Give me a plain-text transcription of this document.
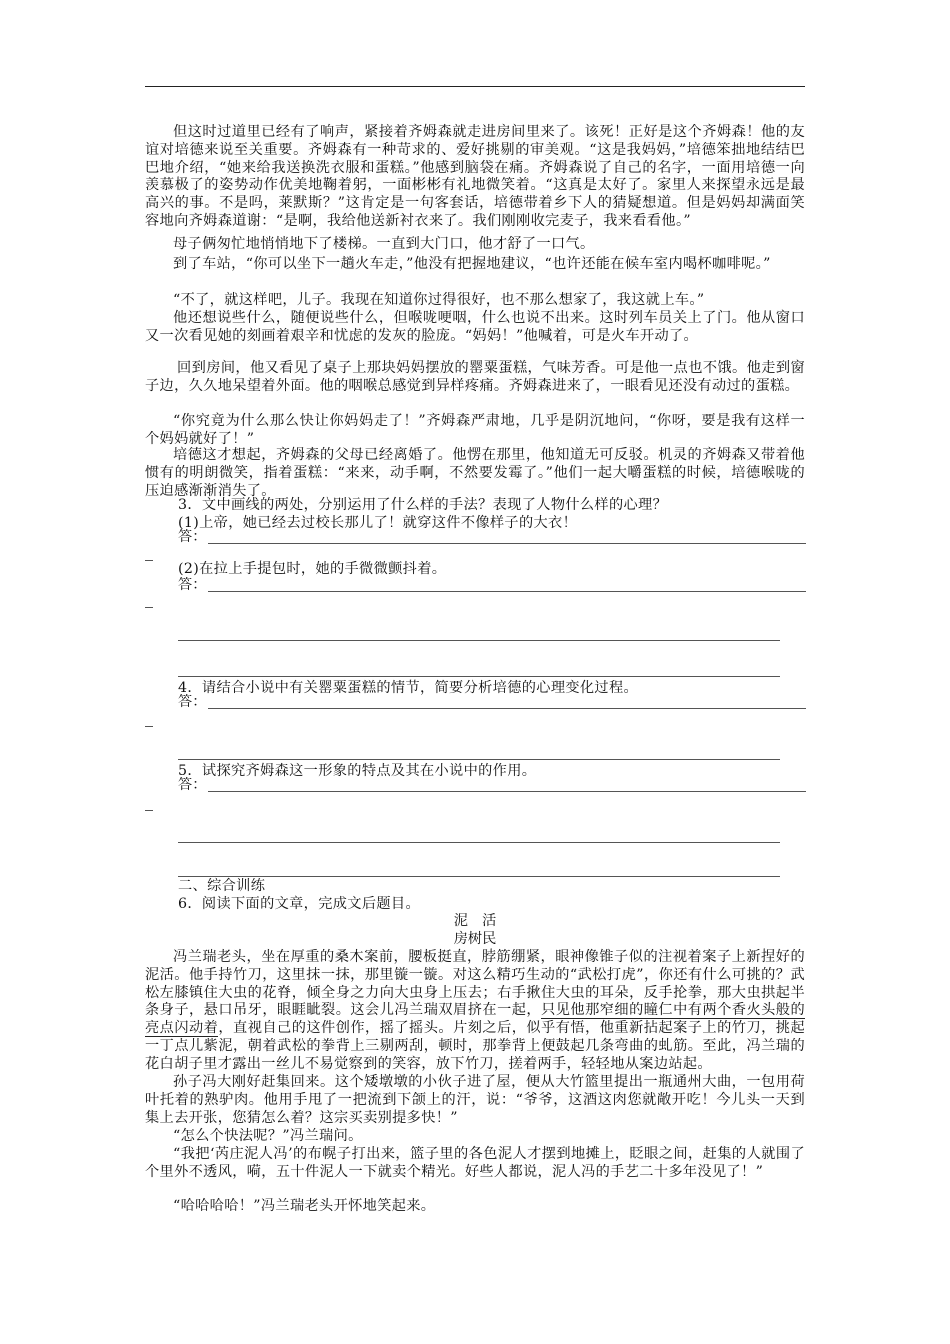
但这时过道里已经有了响声，紧接着齐姆森就走进房间里来了。该死！正好是这个齐姆森！他的友谊对培德来说至关重要。齐姆森有一种苛求的、爱好挑剔的审美观。“这是我妈妈，”培德笨拙地结结巴巴地介绍，“她来给我送换洗衣服和蛋糕。”他感到脑袋在痛。齐姆森说了自己的名字，一面用培德一向羡慕极了的姿势动作优美地鞠着躬，一面彬彬有礼地微笑着。“这真是太好了。家里人来探望永远是最高兴的事。不是吗，莱默斯？”这肯定是一句客套话，培德带着乡下人的猜疑想道。但是妈妈却满面笑容地向齐姆森道谢：“是啊，我给他送新衬衣来了。我们刚刚收完麦子，我来看看他。”

母子俩匆忙地悄悄地下了楼梯。一直到大门口，他才舒了一口气。

到了车站，“你可以坐下一趟火车走，”他没有把握地建议，“也许还能在候车室内喝杯咖啡呢。”

“不了，就这样吧，儿子。我现在知道你过得很好，也不那么想家了，我这就上车。”

他还想说些什么，随便说些什么，但喉咙哽咽，什么也说不出来。这时列车员关上了门。他从窗口又一次看见她的刻画着艰辛和忧虑的发灰的脸庞。“妈妈！”他喊着，可是火车开动了。

回到房间，他又看见了桌子上那块妈妈摆放的罂粟蛋糕，气味芳香。可是他一点也不饿。他走到窗子边，久久地呆望着外面。他的咽喉总感觉到异样疼痛。齐姆森进来了，一眼看见还没有动过的蛋糕。

“你究竟为什么那么快让你妈妈走了！”齐姆森严肃地，几乎是阴沉地问，“你呀，要是我有这样一个妈妈就好了！”

培德这才想起，齐姆森的父母已经离婚了。他愣在那里，他知道无可反驳。机灵的齐姆森又带着他惯有的明朗微笑，指着蛋糕：“来来，动手啊，不然要发霉了。”他们一起大嚼蛋糕的时候，培德喉咙的压迫感渐渐消失了。

3．文中画线的两处，分别运用了什么样的手法？表现了人物什么样的心理？

(1)上帝，她已经去过校长那儿了！就穿这件不像样子的大衣！

答：

(2)在拉上手提包时，她的手微微颤抖着。

答：

4．请结合小说中有关罂粟蛋糕的情节，简要分析培德的心理变化过程。

答：

5．试探究齐姆森这一形象的特点及其在小说中的作用。

答：

二、综合训练

6．阅读下面的文章，完成文后题目。

泥　活
房树民

冯兰瑞老头，坐在厚重的桑木案前，腰板挺直，脖筋绷紧，眼神像锥子似的注视着案子上新捏好的泥活。他手持竹刀，这里抹一抹，那里镟一镟。对这么精巧生动的“武松打虎”，你还有什么可挑的？武松左膝镇住大虫的花脊，倾全身之力向大虫身上压去；右手揪住大虫的耳朵，反手抡拳，那大虫拱起半条身子，悬口吊牙，眼睚眦裂。这会儿冯兰瑞双眉挤在一起，只见他那窄细的瞳仁中有两个香火头般的亮点闪动着，直视自己的这件创作，摇了摇头。片刻之后，似乎有悟，他重新拈起案子上的竹刀，挑起一丁点儿紫泥，朝着武松的拳背上三剔两刮，顿时，那拳背上便鼓起几条弯曲的虬筋。至此，冯兰瑞的花白胡子里才露出一丝儿不易觉察到的笑容，放下竹刀，搓着两手，轻轻地从案边站起。

孙子冯大刚好赶集回来。这个矮墩墩的小伙子进了屋，便从大竹篮里提出一瓶通州大曲，一包用荷叶托着的熟驴肉。他用手甩了一把流到下颌上的汗，说：“爷爷，这酒这肉您就敞开吃！今儿头一天到集上去开张，您猜怎么着？这宗买卖别提多快！”

“怎么个快法呢？”冯兰瑞问。

“我把‘芮庄泥人冯’的布幌子打出来，篮子里的各色泥人才摆到地摊上，眨眼之间，赶集的人就围了个里外不透风，嗬，五十件泥人一下就卖个精光。好些人都说，泥人冯的手艺二十多年没见了！”

“哈哈哈哈！”冯兰瑞老头开怀地笑起来。
